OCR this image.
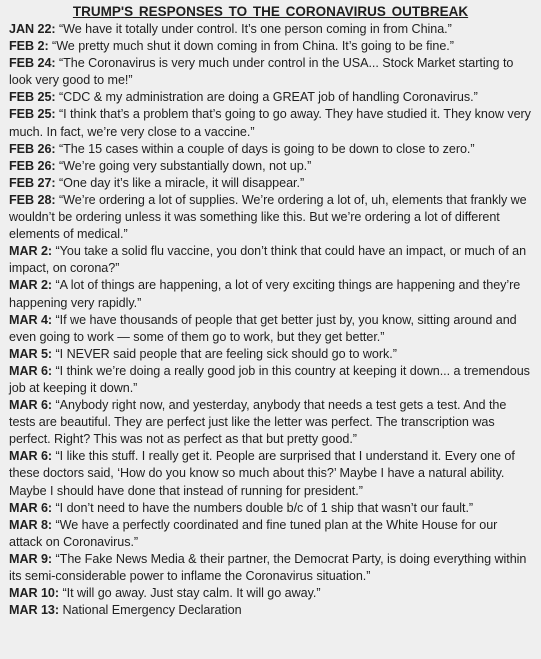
TRUMP'S RESPONSES TO THE CORONAVIRUS OUTBREAK
JAN 22: “We have it totally under control. It’s one person coming in from China.”
FEB 2: “We pretty much shut it down coming in from China. It’s going to be fine.”
FEB 24: “The Coronavirus is very much under control in the USA... Stock Market starting to look very good to me!”
FEB 25: “CDC & my administration are doing a GREAT job of handling Coronavirus.”
FEB 25: “I think that’s a problem that’s going to go away. They have studied it. They know very much. In fact, we’re very close to a vaccine.”
FEB 26: “The 15 cases within a couple of days is going to be down to close to zero.”
FEB 26: “We’re going very substantially down, not up.”
FEB 27: “One day it’s like a miracle, it will disappear.”
FEB 28: “We’re ordering a lot of supplies. We’re ordering a lot of, uh, elements that frankly we wouldn’t be ordering unless it was something like this. But we’re ordering a lot of different elements of medical.”
MAR 2: “You take a solid flu vaccine, you don’t think that could have an impact, or much of an impact, on corona?”
MAR 2: “A lot of things are happening, a lot of very exciting things are happening and they’re happening very rapidly.”
MAR 4: “If we have thousands of people that get better just by, you know, sitting around and even going to work — some of them go to work, but they get better.”
MAR 5: “I NEVER said people that are feeling sick should go to work.”
MAR 6: “I think we’re doing a really good job in this country at keeping it down... a tremendous job at keeping it down.”
MAR 6: “Anybody right now, and yesterday, anybody that needs a test gets a test. And the tests are beautiful. They are perfect just like the letter was perfect. The transcription was perfect. Right? This was not as perfect as that but pretty good.”
MAR 6: “I like this stuff. I really get it. People are surprised that I understand it. Every one of these doctors said, ‘How do you know so much about this?’ Maybe I have a natural ability. Maybe I should have done that instead of running for president.”
MAR 6: “I don’t need to have the numbers double b/c of 1 ship that wasn’t our fault.”
MAR 8: “We have a perfectly coordinated and fine tuned plan at the White House for our attack on Coronavirus.”
MAR 9: “The Fake News Media & their partner, the Democrat Party, is doing everything within its semi-considerable power to inflame the Coronavirus situation.”
MAR 10: “It will go away. Just stay calm. It will go away.”
MAR 13: National Emergency Declaration
